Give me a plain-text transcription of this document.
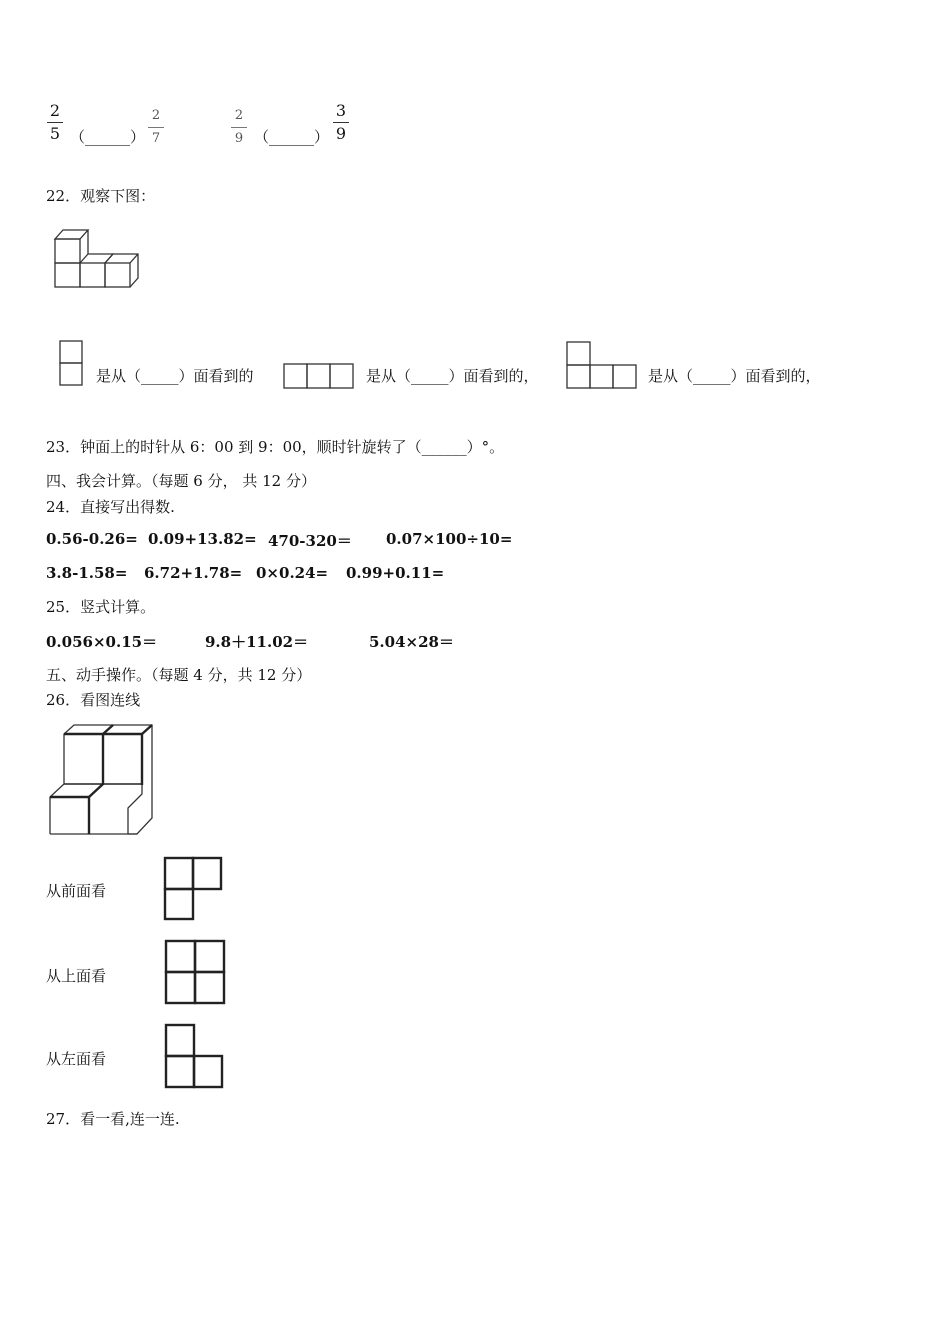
2
5 （______）
2
7
2
9 （______）
3
9
22．观察下图：
是从（_____）面看到的	是从（_____）面看到的，	是从（_____）面看到的，
23．钟面上的时针从 6：00 到 9：00，顺时针旋转了（______）°。
四、我会计算。（每题 6 分， 共 12 分）
24．直接写出得数.
0.56-0.26= 0.09+13.82= 470-320＝ 0.07×100÷10=
3.8-1.58= 6.72+1.78= 0×0.24= 0.99+0.11=
25．竖式计算。
0.056×0.15＝	9.8＋11.02＝	5.04×28＝
五、动手操作。（每题 4 分，共 12 分）
26．看图连线
从前面看
从上面看
从左面看
27．看一看,连一连.
